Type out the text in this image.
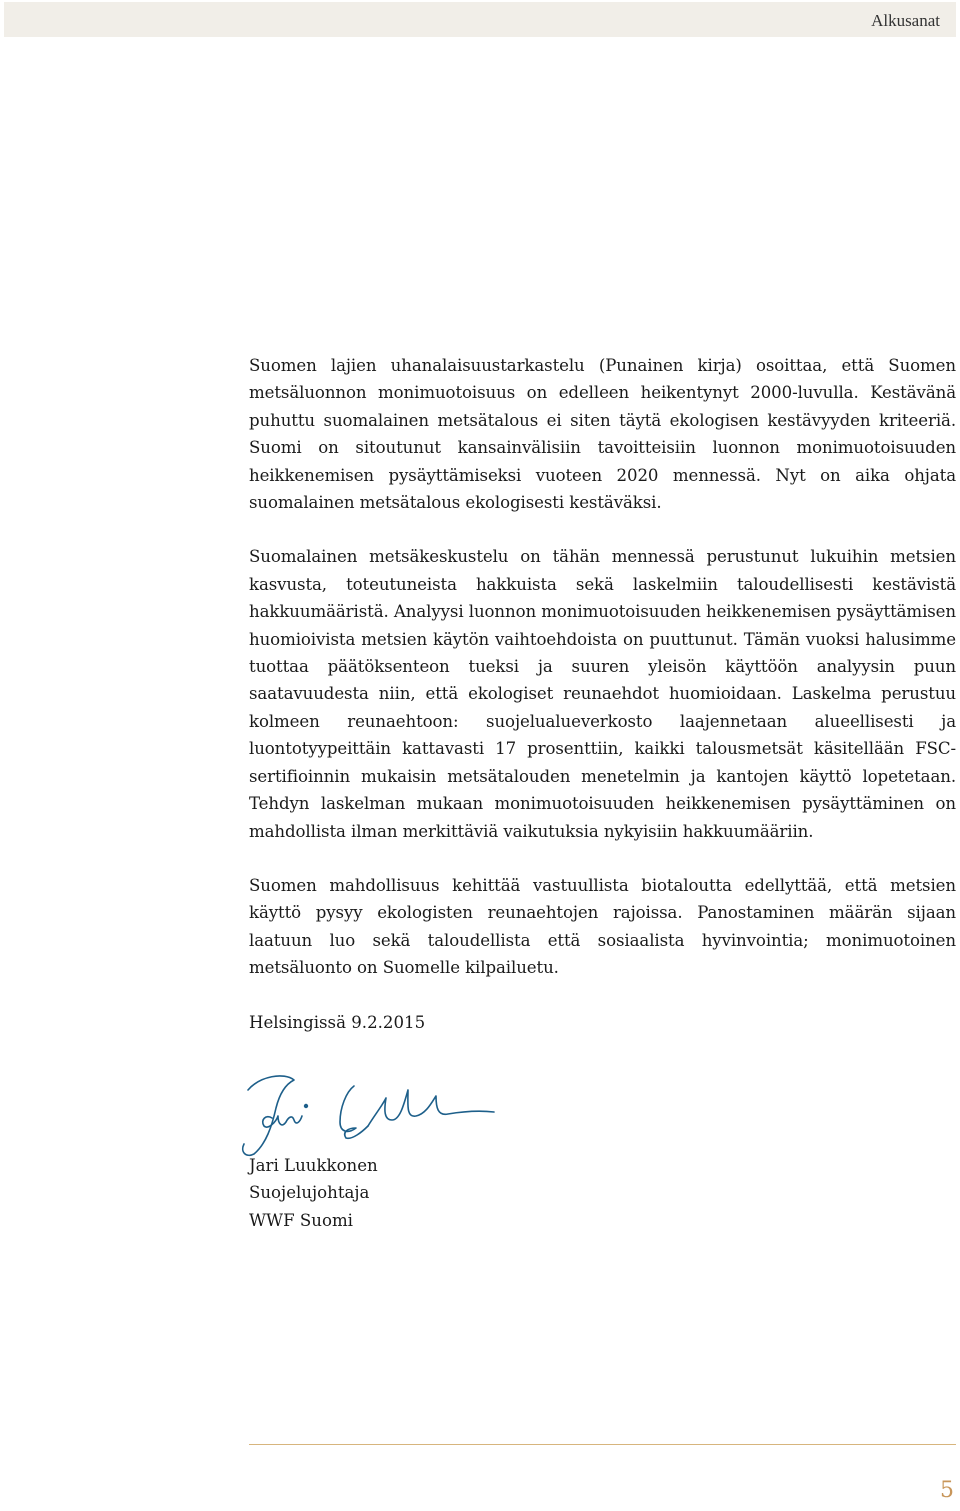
Alkusanat

Suomen lajien uhanalaisuustarkastelu (Punainen kirja) osoittaa, että Suomen metsäluonnon monimuotoisuus on edelleen heikentynyt 2000-luvulla. Kestävänä puhuttu suomalainen metsätalous ei siten täytä ekologisen kestävyyden kriteeriä. Suomi on sitoutunut kansainvälisiin tavoitteisiin luonnon monimuotoisuuden heikkenemisen pysäyttämiseksi vuoteen 2020 mennessä. Nyt on aika ohjata suomalainen metsätalous ekologisesti kestäväksi.

Suomalainen metsäkeskustelu on tähän mennessä perustunut lukuihin metsien kasvusta, toteutuneista hakkuista sekä laskelmiin taloudellisesti kestävistä hakkuumääristä. Analyysi luonnon monimuotoisuuden heikkenemisen pysäyttämisen huomioivista metsien käytön vaihtoehdoista on puuttunut. Tämän vuoksi halusimme tuottaa päätöksenteon tueksi ja suuren yleisön käyttöön analyysin puun saatavuudesta niin, että ekologiset reunaehdot huomioidaan. Laskelma perustuu kolmeen reunaehtoon: suojelualueverkosto laajennetaan alueellisesti ja luontotyypeittäin kattavasti 17 prosenttiin, kaikki talousmetsät käsitellään FSC-sertifioinnin mukaisin metsätalouden menetelmin ja kantojen käyttö lopetetaan. Tehdyn laskelman mukaan monimuotoisuuden heikkenemisen pysäyttäminen on mahdollista ilman merkittäviä vaikutuksia nykyisiin hakkuumääriin.

Suomen mahdollisuus kehittää vastuullista biotaloutta edellyttää, että metsien käyttö pysyy ekologisten reunaehtojen rajoissa. Panostaminen määrän sijaan laatuun luo sekä taloudellista että sosiaalista hyvinvointia; monimuotoinen metsäluonto on Suomelle kilpailuetu.

Helsingissä 9.2.2015

Jari Luukkonen
Suojelujohtaja
WWF Suomi
5
